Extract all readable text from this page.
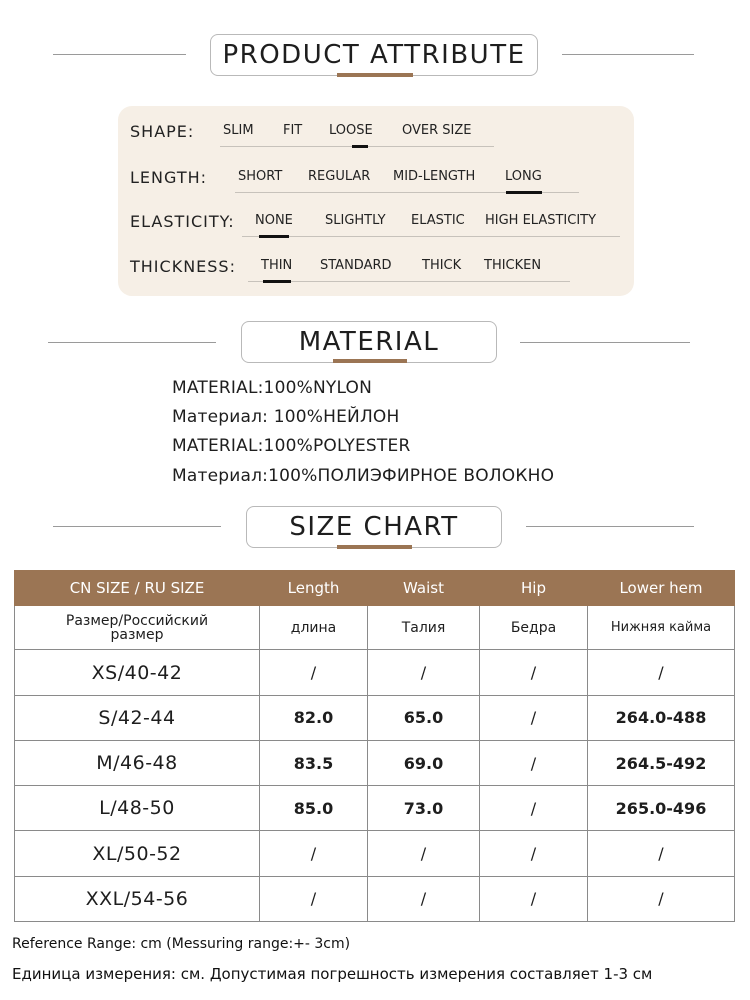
PRODUCT ATTRIBUTE
SHAPE: SLIM FIT LOOSE OVER SIZE
LENGTH: SHORT REGULAR MID-LENGTH LONG
ELASTICITY: NONE SLIGHTLY ELASTIC HIGH ELASTICITY
THICKNESS: THIN STANDARD THICK THICKEN
MATERIAL
MATERIAL:100%NYLON
Материал: 100%НЕЙЛОН
MATERIAL:100%POLYESTER
Материал:100%ПОЛИЭФИРНОЕ ВОЛОКНО
SIZE CHART
CN SIZE / RU SIZE	Length	Waist	Hip	Lower hem
Размер/Российский размер	длина	Талия	Бедра	Нижняя кайма
XS/40-42	/	/	/	/
S/42-44	82.0	65.0	/	264.0-488
M/46-48	83.5	69.0	/	264.5-492
L/48-50	85.0	73.0	/	265.0-496
XL/50-52	/	/	/	/
XXL/54-56	/	/	/	/
Reference Range: cm (Messuring range:+- 3cm)
Единица измерения: см. Допустимая погрешность измерения составляет 1-3 см
